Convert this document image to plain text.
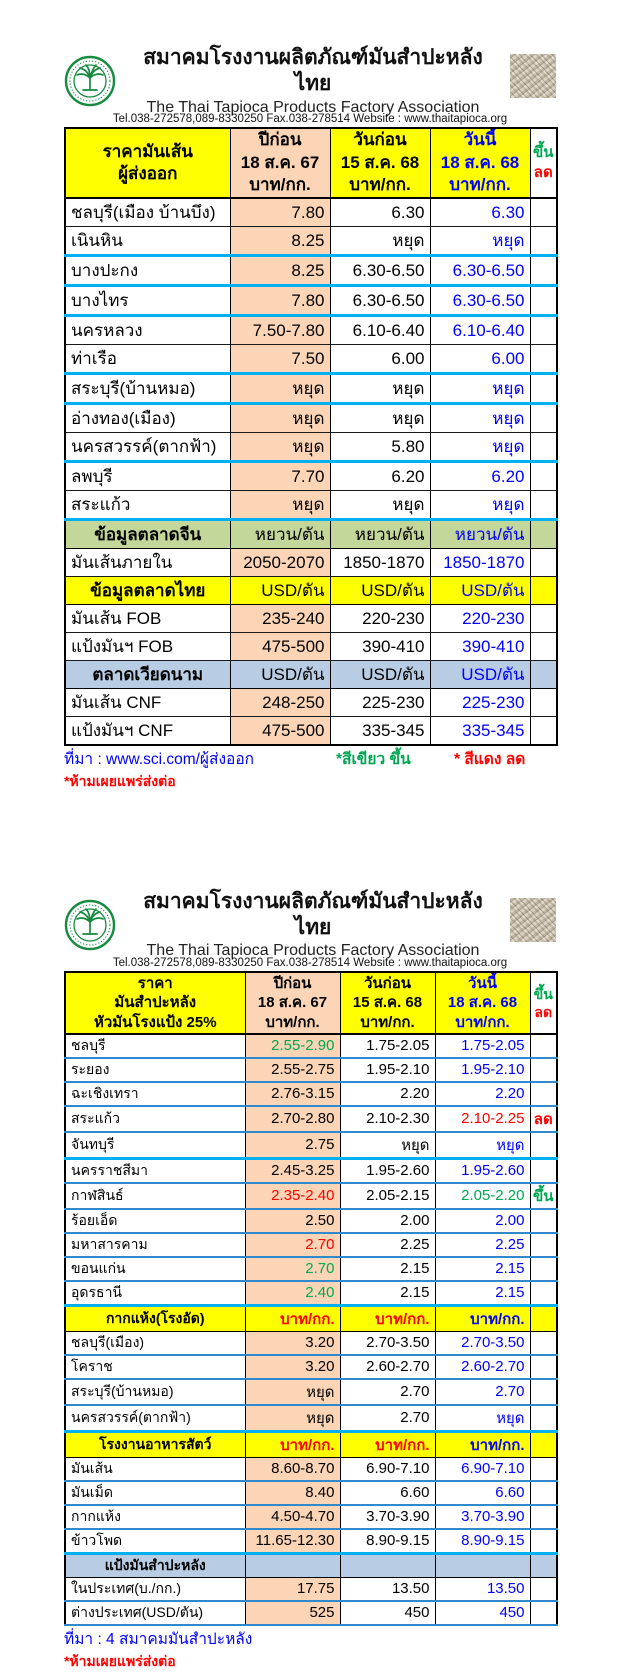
สมาคมโรงงานผลิตภัณฑ์มันสำปะหลังไทย
The Thai Tapioca Products Factory Association
Tel.038-272578,089-8330250 Fax.038-278514 Website : www.thaitapioca.org
ราคามันเส้น
ผู้ส่งออก

ปีก่อน
18 ส.ค. 67
บาท/กก.

วันก่อน
15 ส.ค. 68
บาท/กก.

วันนี้
18 ส.ค. 68
บาท/กก.

ขึ้น
ลด

ชลบุรี(เมือง บ้านบึง)	7.80	6.30	6.30	
เนินหิน	8.25	หยุด	หยุด	
บางปะกง	8.25	6.30-6.50	6.30-6.50	
บางไทร	7.80	6.30-6.50	6.30-6.50	
นครหลวง	7.50-7.80	6.10-6.40	6.10-6.40	
ท่าเรือ	7.50	6.00	6.00	
สระบุรี(บ้านหมอ)	หยุด	หยุด	หยุด	
อ่างทอง(เมือง)	หยุด	หยุด	หยุด	
นครสวรรค์(ตากฟ้า)	หยุด	5.80	หยุด	
ลพบุรี	7.70	6.20	6.20	
สระแก้ว	หยุด	หยุด	หยุด	
ข้อมูลตลาดจีน	หยวน/ตัน	หยวน/ตัน	หยวน/ตัน	
มันเส้นภายใน	2050-2070	1850-1870	1850-1870	
ข้อมูลตลาดไทย	USD/ตัน	USD/ตัน	USD/ตัน	
มันเส้น FOB	235-240	220-230	220-230	
แป้งมันฯ FOB	475-500	390-410	390-410	
ตลาดเวียดนาม	USD/ตัน	USD/ตัน	USD/ตัน	
มันเส้น CNF	248-250	225-230	225-230	
แป้งมันฯ CNF	475-500	335-345	335-345	
ที่มา : www.sci.com/ผู้ส่งออก	*สีเขียว ขึ้น	* สีแดง ลด
*ห้ามเผยแพร่ส่งต่อ
สมาคมโรงงานผลิตภัณฑ์มันสำปะหลังไทย
The Thai Tapioca Products Factory Association
Tel.038-272578,089-8330250 Fax.038-278514 Website : www.thaitapioca.org
ราคา
มันสำปะหลัง
หัวมันโรงแป้ง 25%

ปีก่อน
18 ส.ค. 67
บาท/กก.

วันก่อน
15 ส.ค. 68
บาท/กก.

วันนี้
18 ส.ค. 68
บาท/กก.

ขึ้น
ลด

ชลบุรี	2.55-2.90	1.75-2.05	1.75-2.05	
ระยอง	2.55-2.75	1.95-2.10	1.95-2.10	
ฉะเชิงเทรา	2.76-3.15	2.20	2.20	
สระแก้ว	2.70-2.80	2.10-2.30	2.10-2.25	ลด
จันทบุรี	2.75	หยุด	หยุด	
นครราชสีมา	2.45-3.25	1.95-2.60	1.95-2.60	
กาฬสินธ์	2.35-2.40	2.05-2.15	2.05-2.20	ขึ้น
ร้อยเอ็ด	2.50	2.00	2.00	
มหาสารคาม	2.70	2.25	2.25	
ขอนแก่น	2.70	2.15	2.15	
อุดรธานี	2.40	2.15	2.15	
กากแห้ง(โรงอัด)	บาท/กก.	บาท/กก.	บาท/กก.	
ชลบุรี(เมือง)	3.20	2.70-3.50	2.70-3.50	
โคราช	3.20	2.60-2.70	2.60-2.70	
สระบุรี(บ้านหมอ)	หยุด	2.70	2.70	
นครสวรรค์(ตากฟ้า)	หยุด	2.70	หยุด	
โรงงานอาหารสัตว์	บาท/กก.	บาท/กก.	บาท/กก.	
มันเส้น	8.60-8.70	6.90-7.10	6.90-7.10	
มันเม็ด	8.40	6.60	6.60	
กากแห้ง	4.50-4.70	3.70-3.90	3.70-3.90	
ข้าวโพด	11.65-12.30	8.90-9.15	8.90-9.15	
แป้งมันสำปะหลัง				
ในประเทศ(บ./กก.)	17.75	13.50	13.50	
ต่างประเทศ(USD/ตัน)	525	450	450	
ที่มา : 4 สมาคมมันสำปะหลัง
*ห้ามเผยแพร่ส่งต่อ
